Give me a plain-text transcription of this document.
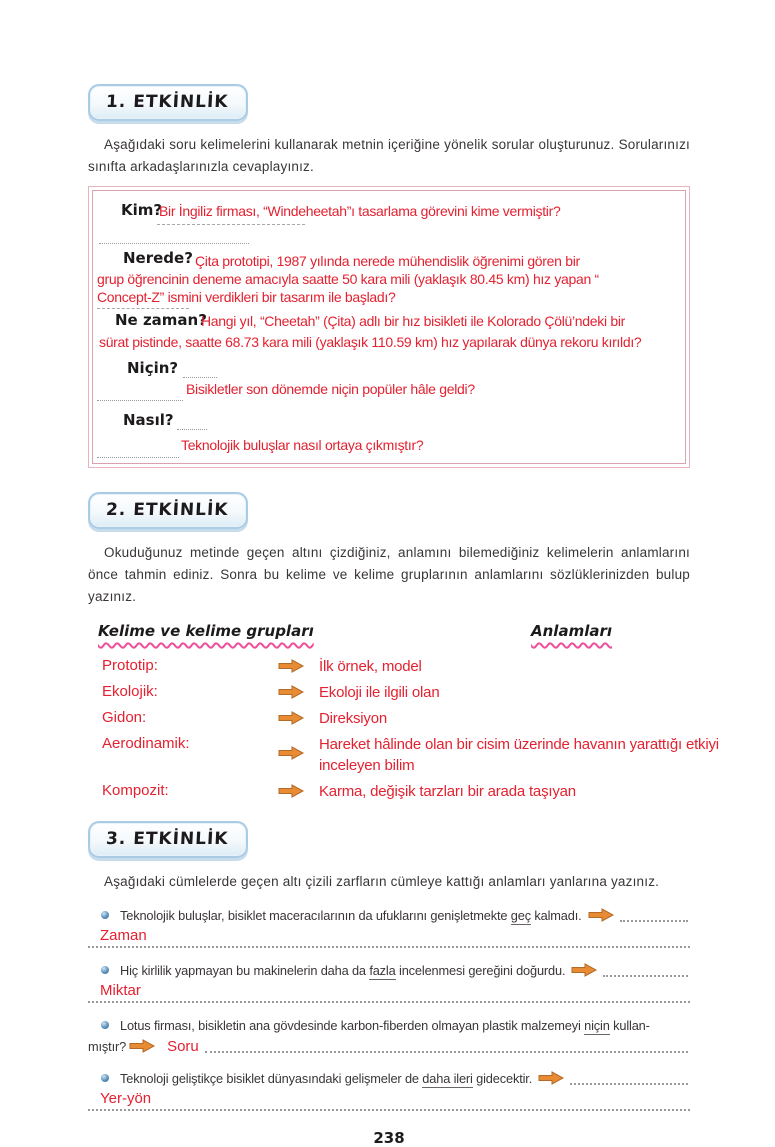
1. ETKİNLİK

Aşağıdaki soru kelimelerini kullanarak metnin içeriğine yönelik sorular oluşturunuz. Sorularınızı sınıfta arkadaşlarınızla cevaplayınız.

Kim?
Bir İngiliz firması, “Windeheetah”ı tasarlama görevini kime vermiştir?
Nerede? Çita prototipi, 1987 yılında nerede mühendislik öğrenimi gören bir
grup öğrencinin deneme amacıyla saatte 50 kara mili (yaklaşık 80.45 km) hız yapan “
Concept-Z” ismini verdikleri bir tasarım ile başladı?
Ne zaman?
Hangi yıl, “Cheetah” (Çita) adlı bir hız bisikleti ile Kolorado Çölü’ndeki bir
sürat pistinde, saatte 68.73 kara mili (yaklaşık 110.59 km) hız yapılarak dünya rekoru kırıldı?
Niçin?
Bisikletler son dönemde niçin popüler hâle geldi?
Nasıl?
Teknolojik buluşlar nasıl ortaya çıkmıştır?
2. ETKİNLİK

Okuduğunuz metinde geçen altını çizdiğiniz, anlamını bilemediğiniz kelimelerin anlamlarını önce tahmin ediniz. Sonra bu kelime ve kelime gruplarının anlamlarını sözlüklerinizden bulup yazınız.

Kelime ve kelime grupları	Anlamları
Prototip:	İlk örnek, model
Ekolojik:	Ekoloji ile ilgili olan
Gidon:	Direksiyon
Aerodinamik:	Hareket hâlinde olan bir cisim üzerinde havanın yarattığı etkiyi inceleyen bilim
Kompozit:	Karma, değişik tarzları bir arada taşıyan
3. ETKİNLİK

Aşağıdaki cümlelerde geçen altı çizili zarfların cümleye kattığı anlamları yanlarına yazınız.

Teknolojik buluşlar, bisiklet maceracılarının da ufuklarını genişletmekte geç kalmadı.
Zaman
Hiç kirlilik yapmayan bu makinelerin daha da fazla incelenmesi gereğini doğurdu.
Miktar
Lotus firması, bisikletin ana gövdesinde karbon-fiberden olmayan plastik malzemeyi niçin kullan-
mıştır?	Soru
Teknoloji geliştikçe bisiklet dünyasındaki gelişmeler de daha ileri gidecektir.
Yer-yön
238
